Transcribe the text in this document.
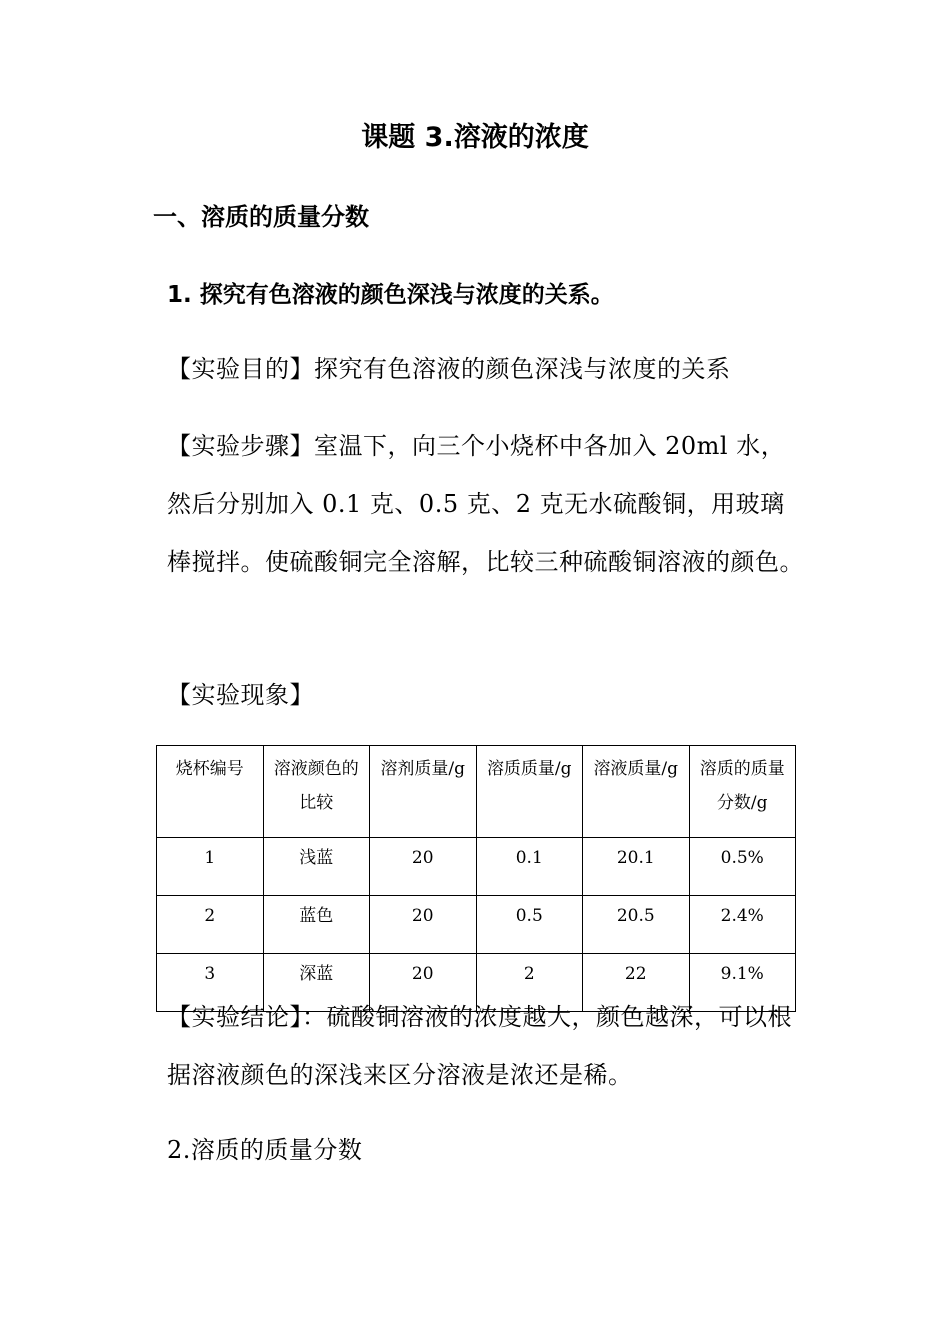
课题 3.溶液的浓度
一、溶质的质量分数
1. 探究有色溶液的颜色深浅与浓度的关系。
【实验目的】探究有色溶液的颜色深浅与浓度的关系
【实验步骤】室温下，向三个小烧杯中各加入 20ml 水，然后分别加入 0.1 克、0.5 克、2 克无水硫酸铜，用玻璃棒搅拌。使硫酸铜完全溶解，比较三种硫酸铜溶液的颜色。
【实验现象】
烧杯编号	溶液颜色的比较	溶剂质量/g	溶质质量/g	溶液质量/g	溶质的质量分数/g
1	浅蓝	20	0.1	20.1	0.5%
2	蓝色	20	0.5	20.5	2.4%
3	深蓝	20	2	22	9.1%
【实验结论】：硫酸铜溶液的浓度越大，颜色越深，可以根据溶液颜色的深浅来区分溶液是浓还是稀。
2.溶质的质量分数
